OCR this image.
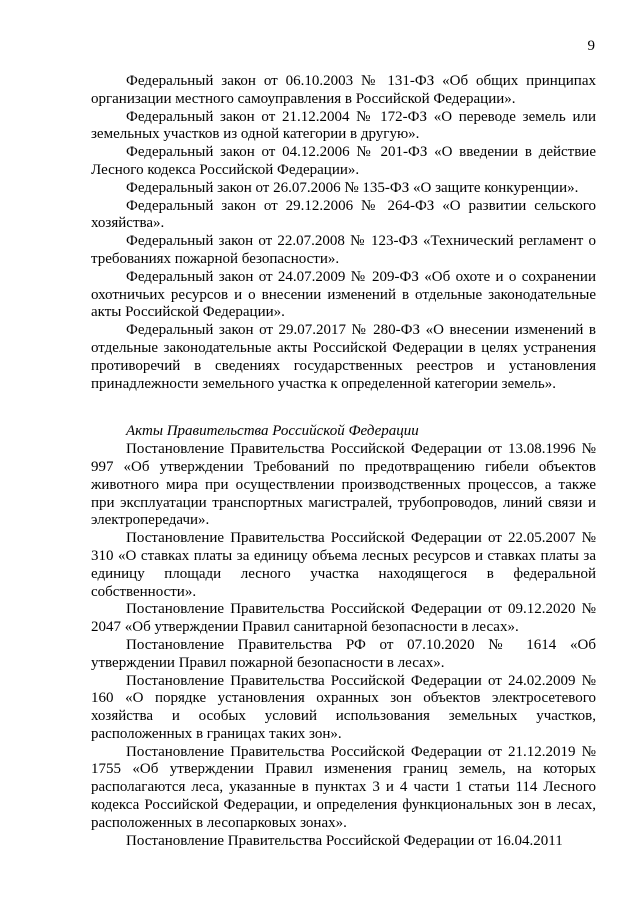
9

Федеральный закон от 06.10.2003 № 131-ФЗ «Об общих принципах организации местного самоуправления в Российской Федерации».

Федеральный закон от 21.12.2004 № 172-ФЗ «О переводе земель или земельных участков из одной категории в другую».

Федеральный закон от 04.12.2006 № 201-ФЗ «О введении в действие Лесного кодекса Российской Федерации».

Федеральный закон от 26.07.2006 № 135-ФЗ «О защите конкуренции».

Федеральный закон от 29.12.2006 № 264-ФЗ «О развитии сельского хозяйства».

Федеральный закон от 22.07.2008 № 123-ФЗ «Технический регламент о требованиях пожарной безопасности».

Федеральный закон от 24.07.2009 № 209-ФЗ «Об охоте и о сохранении охотничьих ресурсов и о внесении изменений в отдельные законодательные акты Российской Федерации».

Федеральный закон от 29.07.2017 № 280-ФЗ «О внесении изменений в отдельные законодательные акты Российской Федерации в целях устранения противоречий в сведениях государственных реестров и установления принадлежности земельного участка к определенной категории земель».

Акты Правительства Российской Федерации

Постановление Правительства Российской Федерации от 13.08.1996 № 997 «Об утверждении Требований по предотвращению гибели объектов животного мира при осуществлении производственных процессов, а также при эксплуатации транспортных магистралей, трубопроводов, линий связи и электропередачи».

Постановление Правительства Российской Федерации от 22.05.2007 № 310 «О ставках платы за единицу объема лесных ресурсов и ставках платы за единицу площади лесного участка находящегося в федеральной собственности».

Постановление Правительства Российской Федерации от 09.12.2020 № 2047 «Об утверждении Правил санитарной безопасности в лесах».

Постановление Правительства РФ от 07.10.2020 № 1614 «Об утверждении Правил пожарной безопасности в лесах».

Постановление Правительства Российской Федерации от 24.02.2009 № 160 «О порядке установления охранных зон объектов электросетевого хозяйства и особых условий использования земельных участков, расположенных в границах таких зон».

Постановление Правительства Российской Федерации от 21.12.2019 № 1755 «Об утверждении Правил изменения границ земель, на которых располагаются леса, указанные в пунктах 3 и 4 части 1 статьи 114 Лесного кодекса Российской Федерации, и определения функциональных зон в лесах, расположенных в лесопарковых зонах».

Постановление Правительства Российской Федерации от 16.04.2011
